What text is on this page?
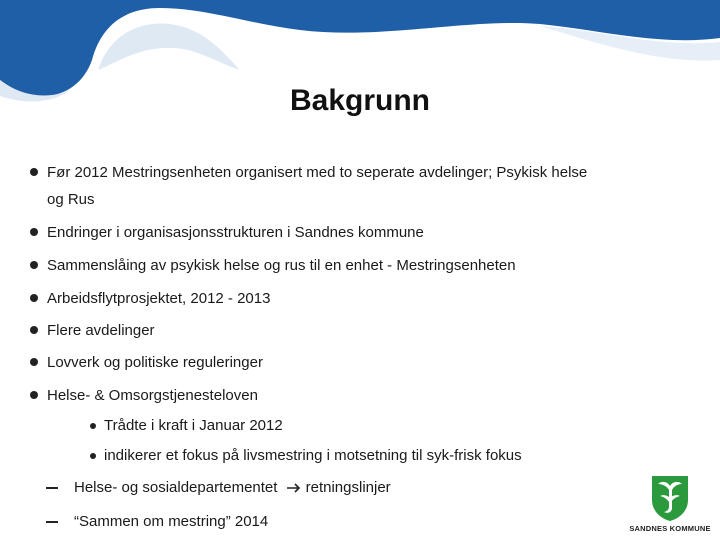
Bakgrunn
Før 2012 Mestringsenheten organisert med to seperate avdelinger; Psykisk helse
og Rus
Endringer i organisasjonsstrukturen i Sandnes kommune
Sammenslåing av psykisk helse og rus til en enhet - Mestringsenheten
Arbeidsflytprosjektet, 2012 - 2013
Flere avdelinger
Lovverk og politiske reguleringer
Helse- & Omsorgstjenesteloven
Trådte i kraft i Januar 2012
indikerer et fokus på livsmestring i motsetning til syk-frisk fokus
Helse- og sosialdepartementet retningslinjer
“Sammen om mestring” 2014	SANDNES KOMMUNE
